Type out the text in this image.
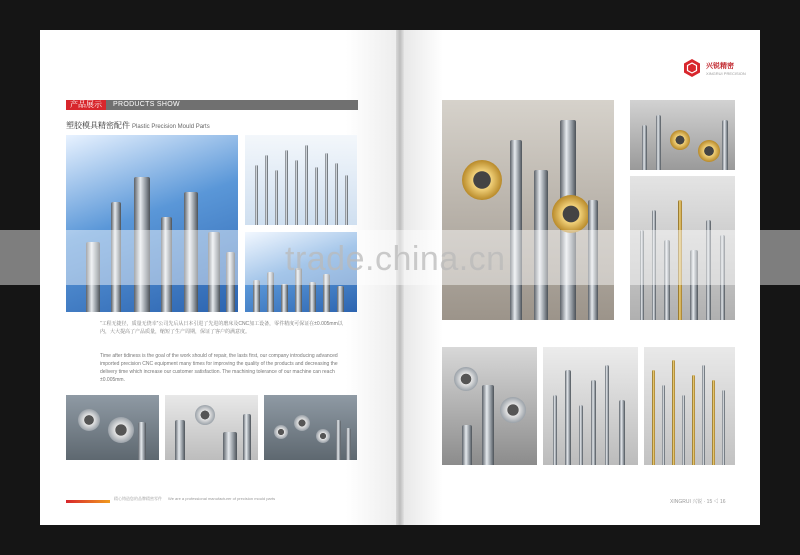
产品展示	PRODUCTS SHOW
塑胶模具精密配件 Plastic Precision Mould Parts

“工程无捷径，质量无侥幸”公司先后从日本引进了先进的磨床及CNC加工设备，零件精度可保证在±0.005mm以内，大大提高了产品质量，缩短了生产周期，保证了客户的满意度。

Time after tidiness is the goal of the work should of repair, the lasts first, our company introducing advanced imported precision CNC equipment many times for improving the quality of the products and decreasing the delivery time which increase our customer satisfaction. The machining tolerance of our machine can reach ±0.005mm.

精心铸造您的品牌精密零件 We are a professional manufacturer of precision mould parts
兴锐精密
XINGRUI PRECISION
XINGRUI 兴锐 · 15 ◁ 16
trade.china.cn
